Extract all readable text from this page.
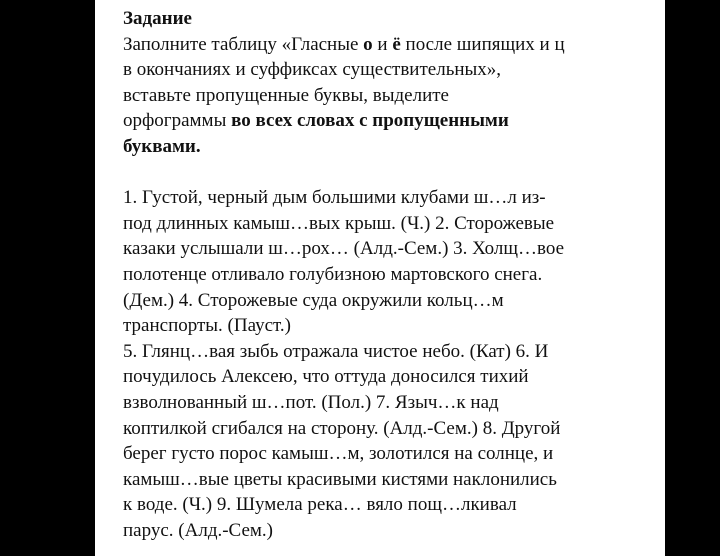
Задание
Заполните таблицу «Гласные о и ё после шипящих и ц
в окончаниях и суффиксах существительных»,
вставьте пропущенные буквы, выделите
орфограммы во всех словах с пропущенными
буквами.
1. Густой, черный дым большими клубами ш…л из-
под длинных камыш…вых крыш. (Ч.) 2. Сторожевые
казаки услышали ш…рох… (Алд.-Сем.) 3. Холщ…вое
полотенце отливало голубизною мартовского снега.
(Дем.) 4. Сторожевые суда окружили кольц…м
транспорты. (Пауст.)
5. Глянц…вая зыбь отражала чистое небо. (Кат) 6. И
почудилось Алексею, что оттуда доносился тихий
взволнованный ш…пот. (Пол.) 7. Языч…к над
коптилкой сгибался на сторону. (Алд.-Сем.) 8. Другой
берег густо порос камыш…м, золотился на солнце, и
камыш…вые цветы красивыми кистями наклонились
к воде. (Ч.) 9. Шумела река… вяло пощ…лкивал
парус. (Алд.-Сем.)
